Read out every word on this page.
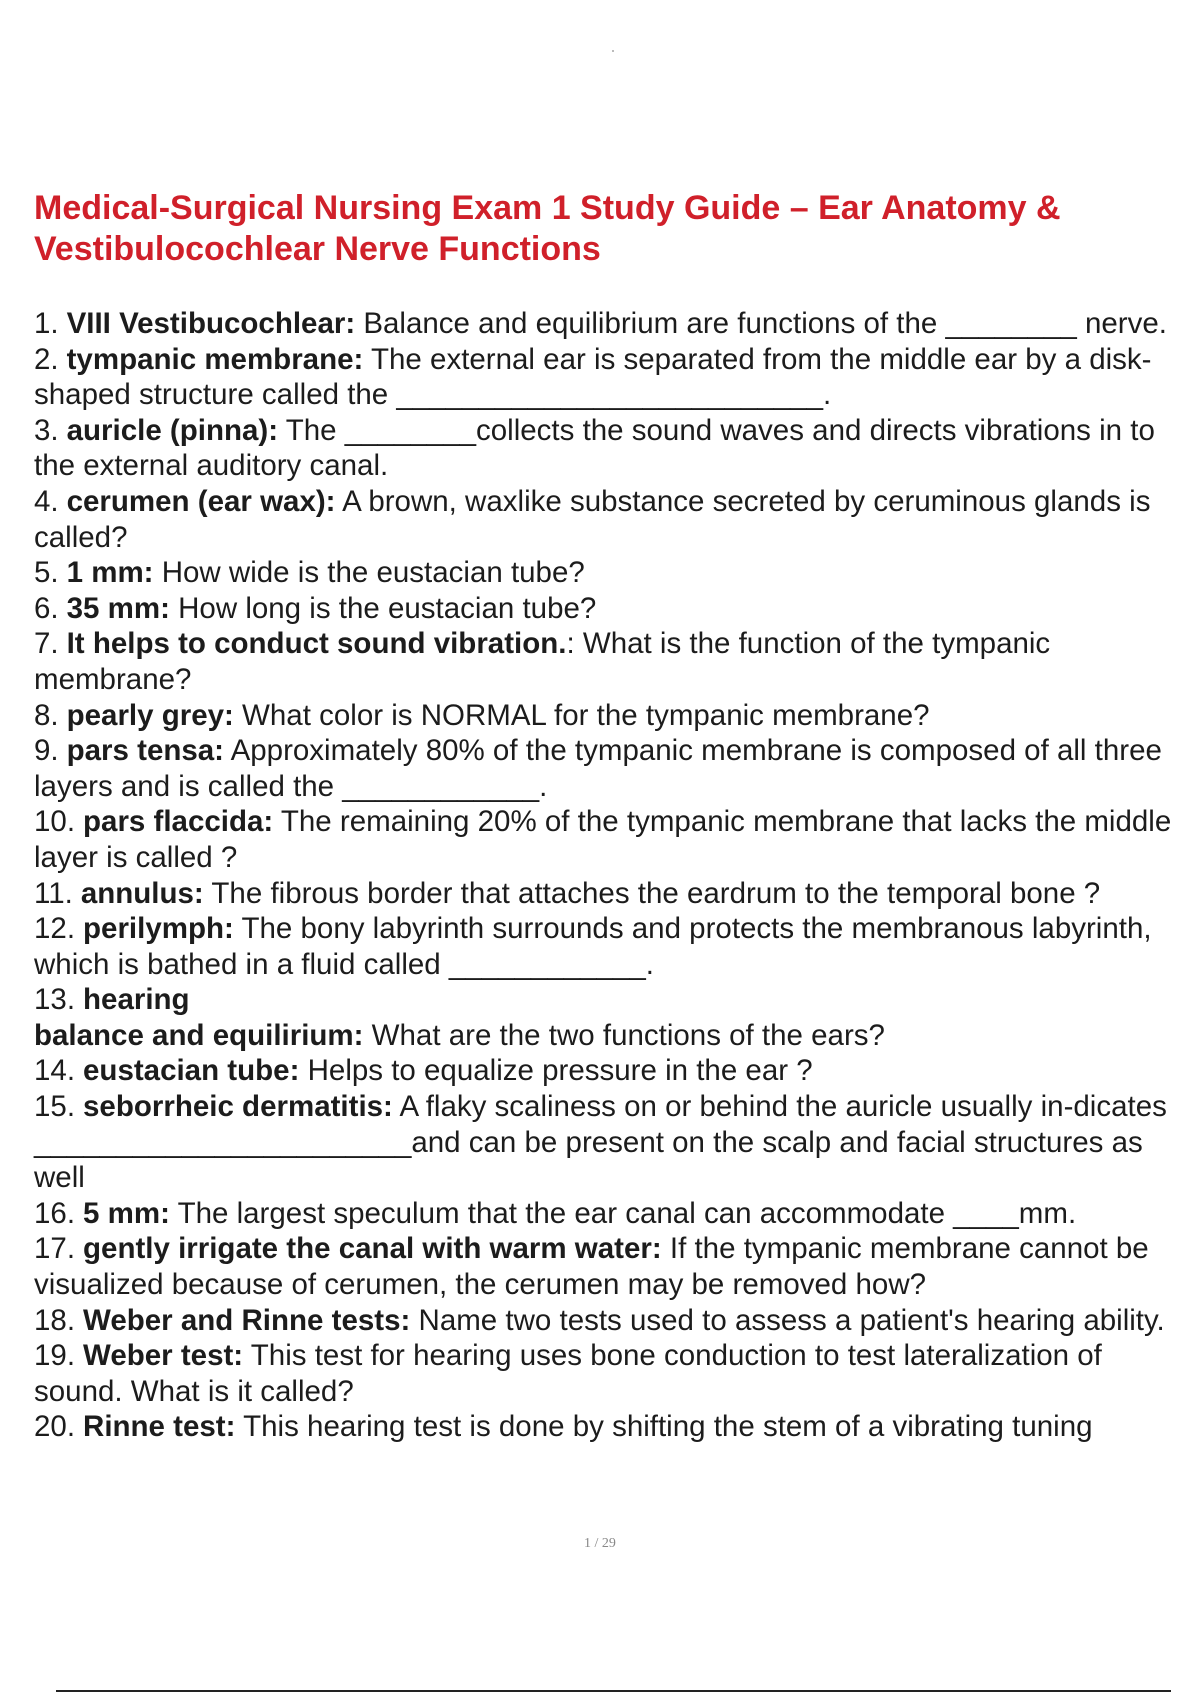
Medical-Surgical Nursing Exam 1 Study Guide – Ear Anatomy & Vestibulocochlear Nerve Functions
1. VIII Vestibucochlear: Balance and equilibrium are functions of the ________ nerve.
2. tympanic membrane: The external ear is separated from the middle ear by a disk-shaped structure called the __________________________.
3. auricle (pinna): The ________collects the sound waves and directs vibrations in to the external auditory canal.
4. cerumen (ear wax): A brown, waxlike substance secreted by ceruminous glands is called?
5. 1 mm: How wide is the eustacian tube?
6. 35 mm: How long is the eustacian tube?
7. It helps to conduct sound vibration.: What is the function of the tympanic membrane?
8. pearly grey: What color is NORMAL for the tympanic membrane?
9. pars tensa: Approximately 80% of the tympanic membrane is composed of all three layers and is called the ____________.
10. pars flaccida: The remaining 20% of the tympanic membrane that lacks the middle layer is called ?
11. annulus: The fibrous border that attaches the eardrum to the temporal bone ?
12. perilymph: The bony labyrinth surrounds and protects the membranous labyrinth, which is bathed in a fluid called ____________.
13. hearing
balance and equilirium: What are the two functions of the ears?
14. eustacian tube: Helps to equalize pressure in the ear ?
15. seborrheic dermatitis: A flaky scaliness on or behind the auricle usually in-dicates _______________________and can be present on the scalp and facial structures as well
16. 5 mm: The largest speculum that the ear canal can accommodate ____mm.
17. gently irrigate the canal with warm water: If the tympanic membrane cannot be visualized because of cerumen, the cerumen may be removed how?
18. Weber and Rinne tests: Name two tests used to assess a patient's hearing ability.
19. Weber test: This test for hearing uses bone conduction to test lateralization of sound. What is it called?
20. Rinne test: This hearing test is done by shifting the stem of a vibrating tuning
1 / 29
